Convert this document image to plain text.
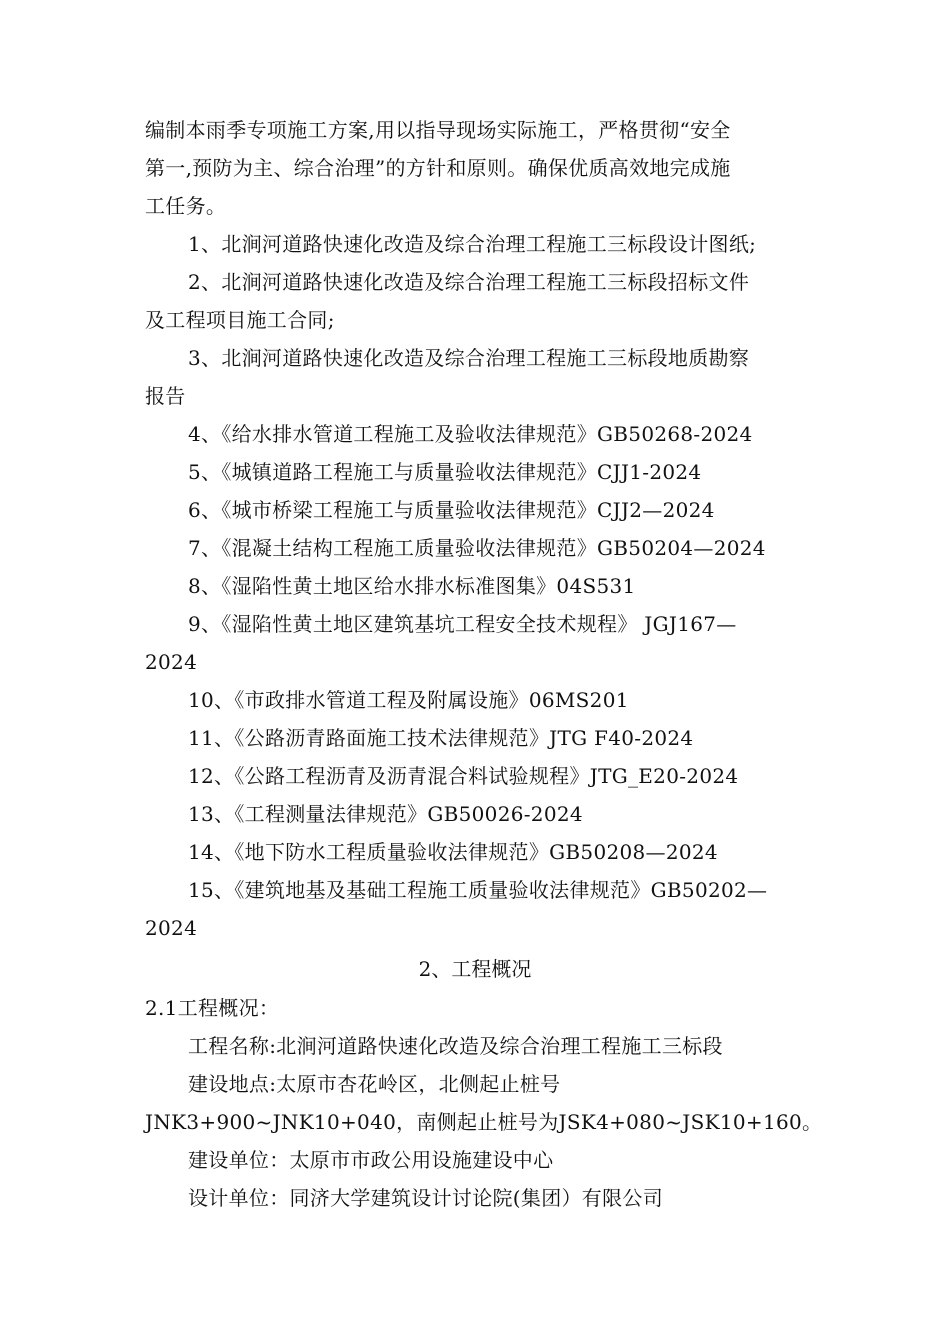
编制本雨季专项施工方案,用以指导现场实际施工，严格贯彻“安全
第一,预防为主、综合治理”的方针和原则。确保优质高效地完成施
工任务。
1、北涧河道路快速化改造及综合治理工程施工三标段设计图纸;
2、北涧河道路快速化改造及综合治理工程施工三标段招标文件
及工程项目施工合同;
3、北涧河道路快速化改造及综合治理工程施工三标段地质勘察
报告
4、《给水排水管道工程施工及验收法律规范》GB50268-2024
5、《城镇道路工程施工与质量验收法律规范》CJJ1-2024
6、《城市桥梁工程施工与质量验收法律规范》CJJ2—2024
7、《混凝土结构工程施工质量验收法律规范》GB50204—2024
8、《湿陷性黄土地区给水排水标准图集》04S531
9、《湿陷性黄土地区建筑基坑工程安全技术规程》 JGJ167—
2024
10、《市政排水管道工程及附属设施》06MS201
11、《公路沥青路面施工技术法律规范》JTG F40-2024
12、《公路工程沥青及沥青混合料试验规程》JTG_E20-2024
13、《工程测量法律规范》GB50026-2024
14、《地下防水工程质量验收法律规范》GB50208—2024
15、《建筑地基及基础工程施工质量验收法律规范》GB50202—
2024
2、工程概况
2.1工程概况：
工程名称:北涧河道路快速化改造及综合治理工程施工三标段
建设地点:太原市杏花岭区，北侧起止桩号
JNK3+900~JNK10+040，南侧起止桩号为JSK4+080~JSK10+160。
建设单位：太原市市政公用设施建设中心
设计单位：同济大学建筑设计讨论院(集团）有限公司
